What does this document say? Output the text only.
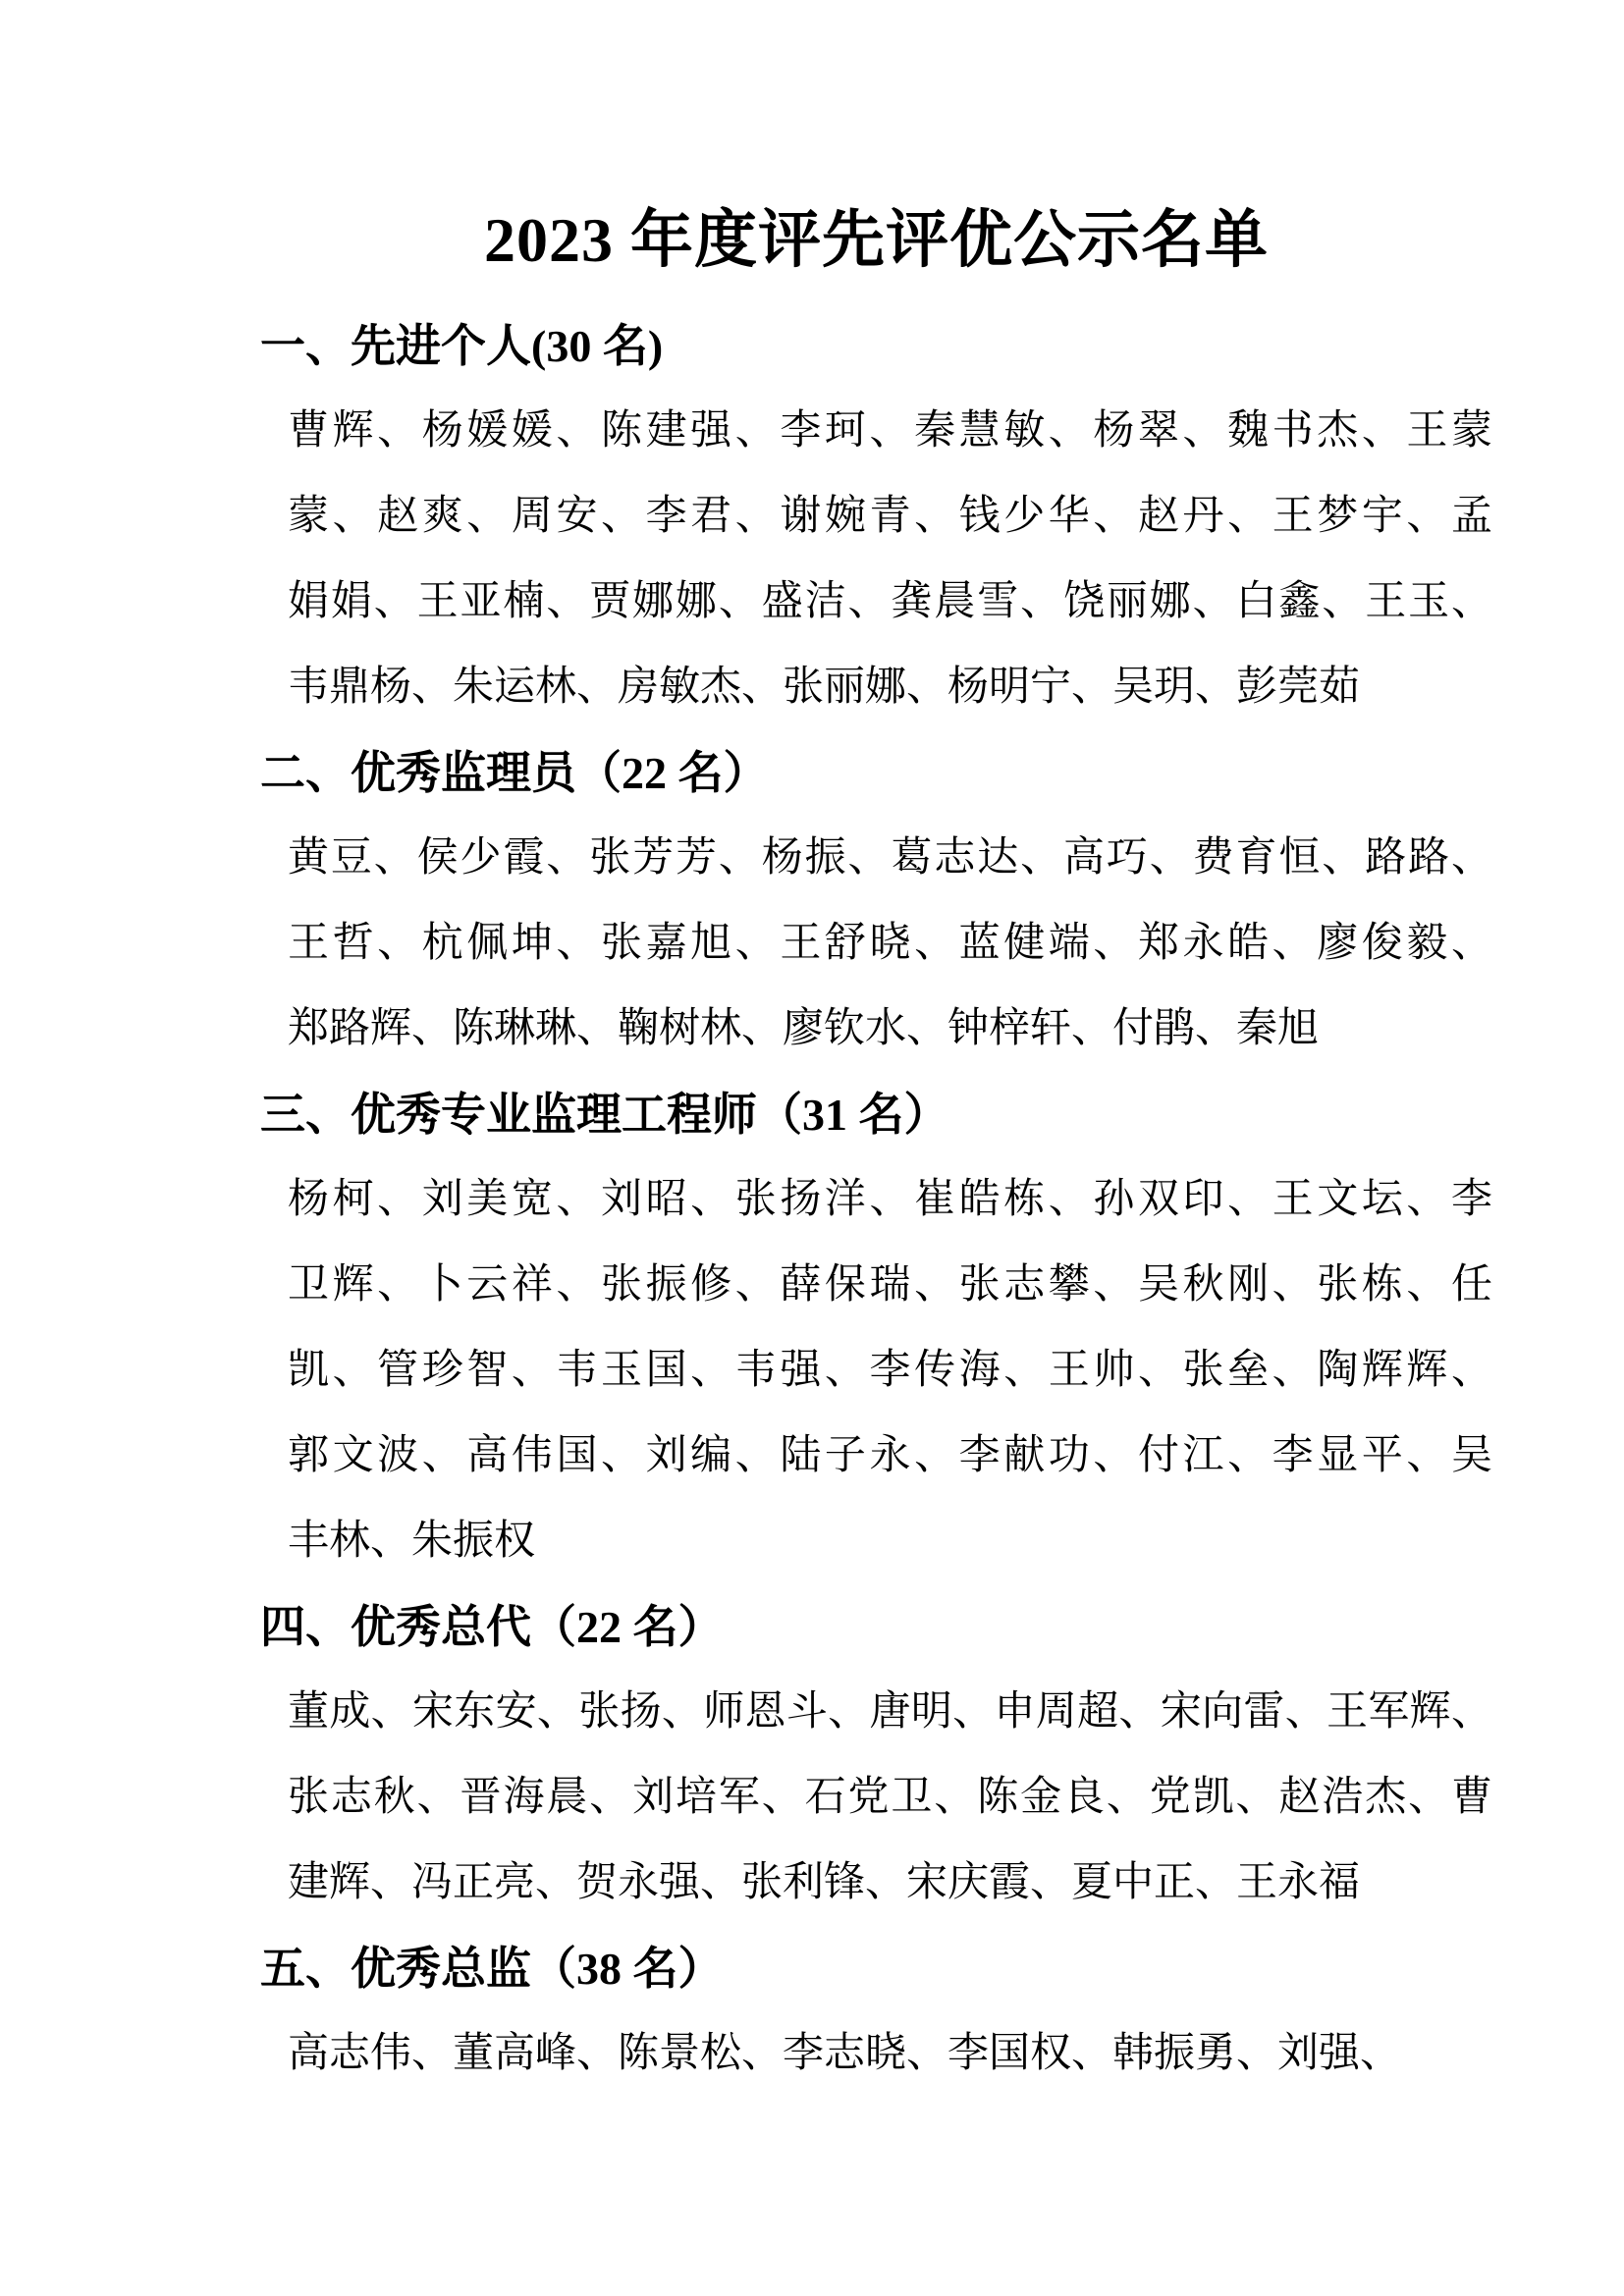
2023 年度评先评优公示名单
一、先进个人(30 名)
曹辉、杨媛媛、陈建强、李珂、秦慧敏、杨翠、魏书杰、王蒙
蒙、赵爽、周安、李君、谢婉青、钱少华、赵丹、王梦宇、孟
娟娟、王亚楠、贾娜娜、盛洁、龚晨雪、饶丽娜、白鑫、王玉、
韦鼎杨、朱运林、房敏杰、张丽娜、杨明宁、吴玥、彭莞茹
二、优秀监理员（22 名）
黄豆、侯少霞、张芳芳、杨振、葛志达、高巧、费育恒、路路、
王哲、杭佩坤、张嘉旭、王舒晓、蓝健端、郑永皓、廖俊毅、
郑路辉、陈琳琳、鞠树林、廖钦水、钟梓轩、付鹃、秦旭
三、优秀专业监理工程师（31 名）
杨柯、刘美宽、刘昭、张扬洋、崔皓栋、孙双印、王文坛、李
卫辉、卜云祥、张振修、薛保瑞、张志攀、吴秋刚、张栋、任
凯、管珍智、韦玉国、韦强、李传海、王帅、张垒、陶辉辉、
郭文波、高伟国、刘编、陆子永、李献功、付江、李显平、吴
丰林、朱振权
四、优秀总代（22 名）
董成、宋东安、张扬、师恩斗、唐明、申周超、宋向雷、王军辉、
张志秋、晋海晨、刘培军、石党卫、陈金良、党凯、赵浩杰、曹
建辉、冯正亮、贺永强、张利锋、宋庆霞、夏中正、王永福
五、优秀总监（38 名）
高志伟、董高峰、陈景松、李志晓、李国权、韩振勇、刘强、
